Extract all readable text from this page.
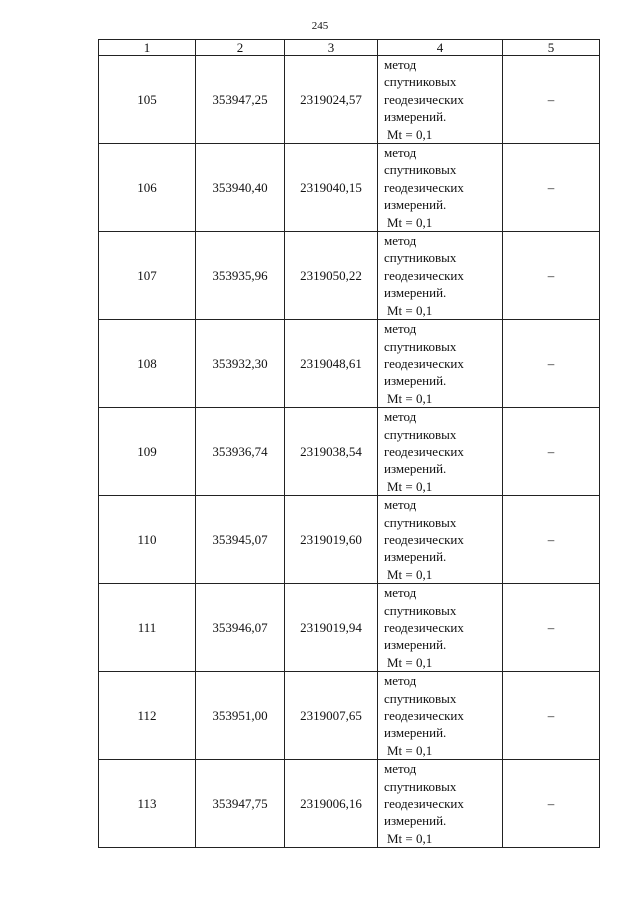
245
1	2	3	4	5
105	353947,25	2319024,57	метод
спутниковых
геодезических
измерений.
Mt = 0,1	–
106	353940,40	2319040,15	метод
спутниковых
геодезических
измерений.
Mt = 0,1	–
107	353935,96	2319050,22	метод
спутниковых
геодезических
измерений.
Mt = 0,1	–
108	353932,30	2319048,61	метод
спутниковых
геодезических
измерений.
Mt = 0,1	–
109	353936,74	2319038,54	метод
спутниковых
геодезических
измерений.
Mt = 0,1	–
110	353945,07	2319019,60	метод
спутниковых
геодезических
измерений.
Mt = 0,1	–
111	353946,07	2319019,94	метод
спутниковых
геодезических
измерений.
Mt = 0,1	–
112	353951,00	2319007,65	метод
спутниковых
геодезических
измерений.
Mt = 0,1	–
113	353947,75	2319006,16	метод
спутниковых
геодезических
измерений.
Mt = 0,1	–
